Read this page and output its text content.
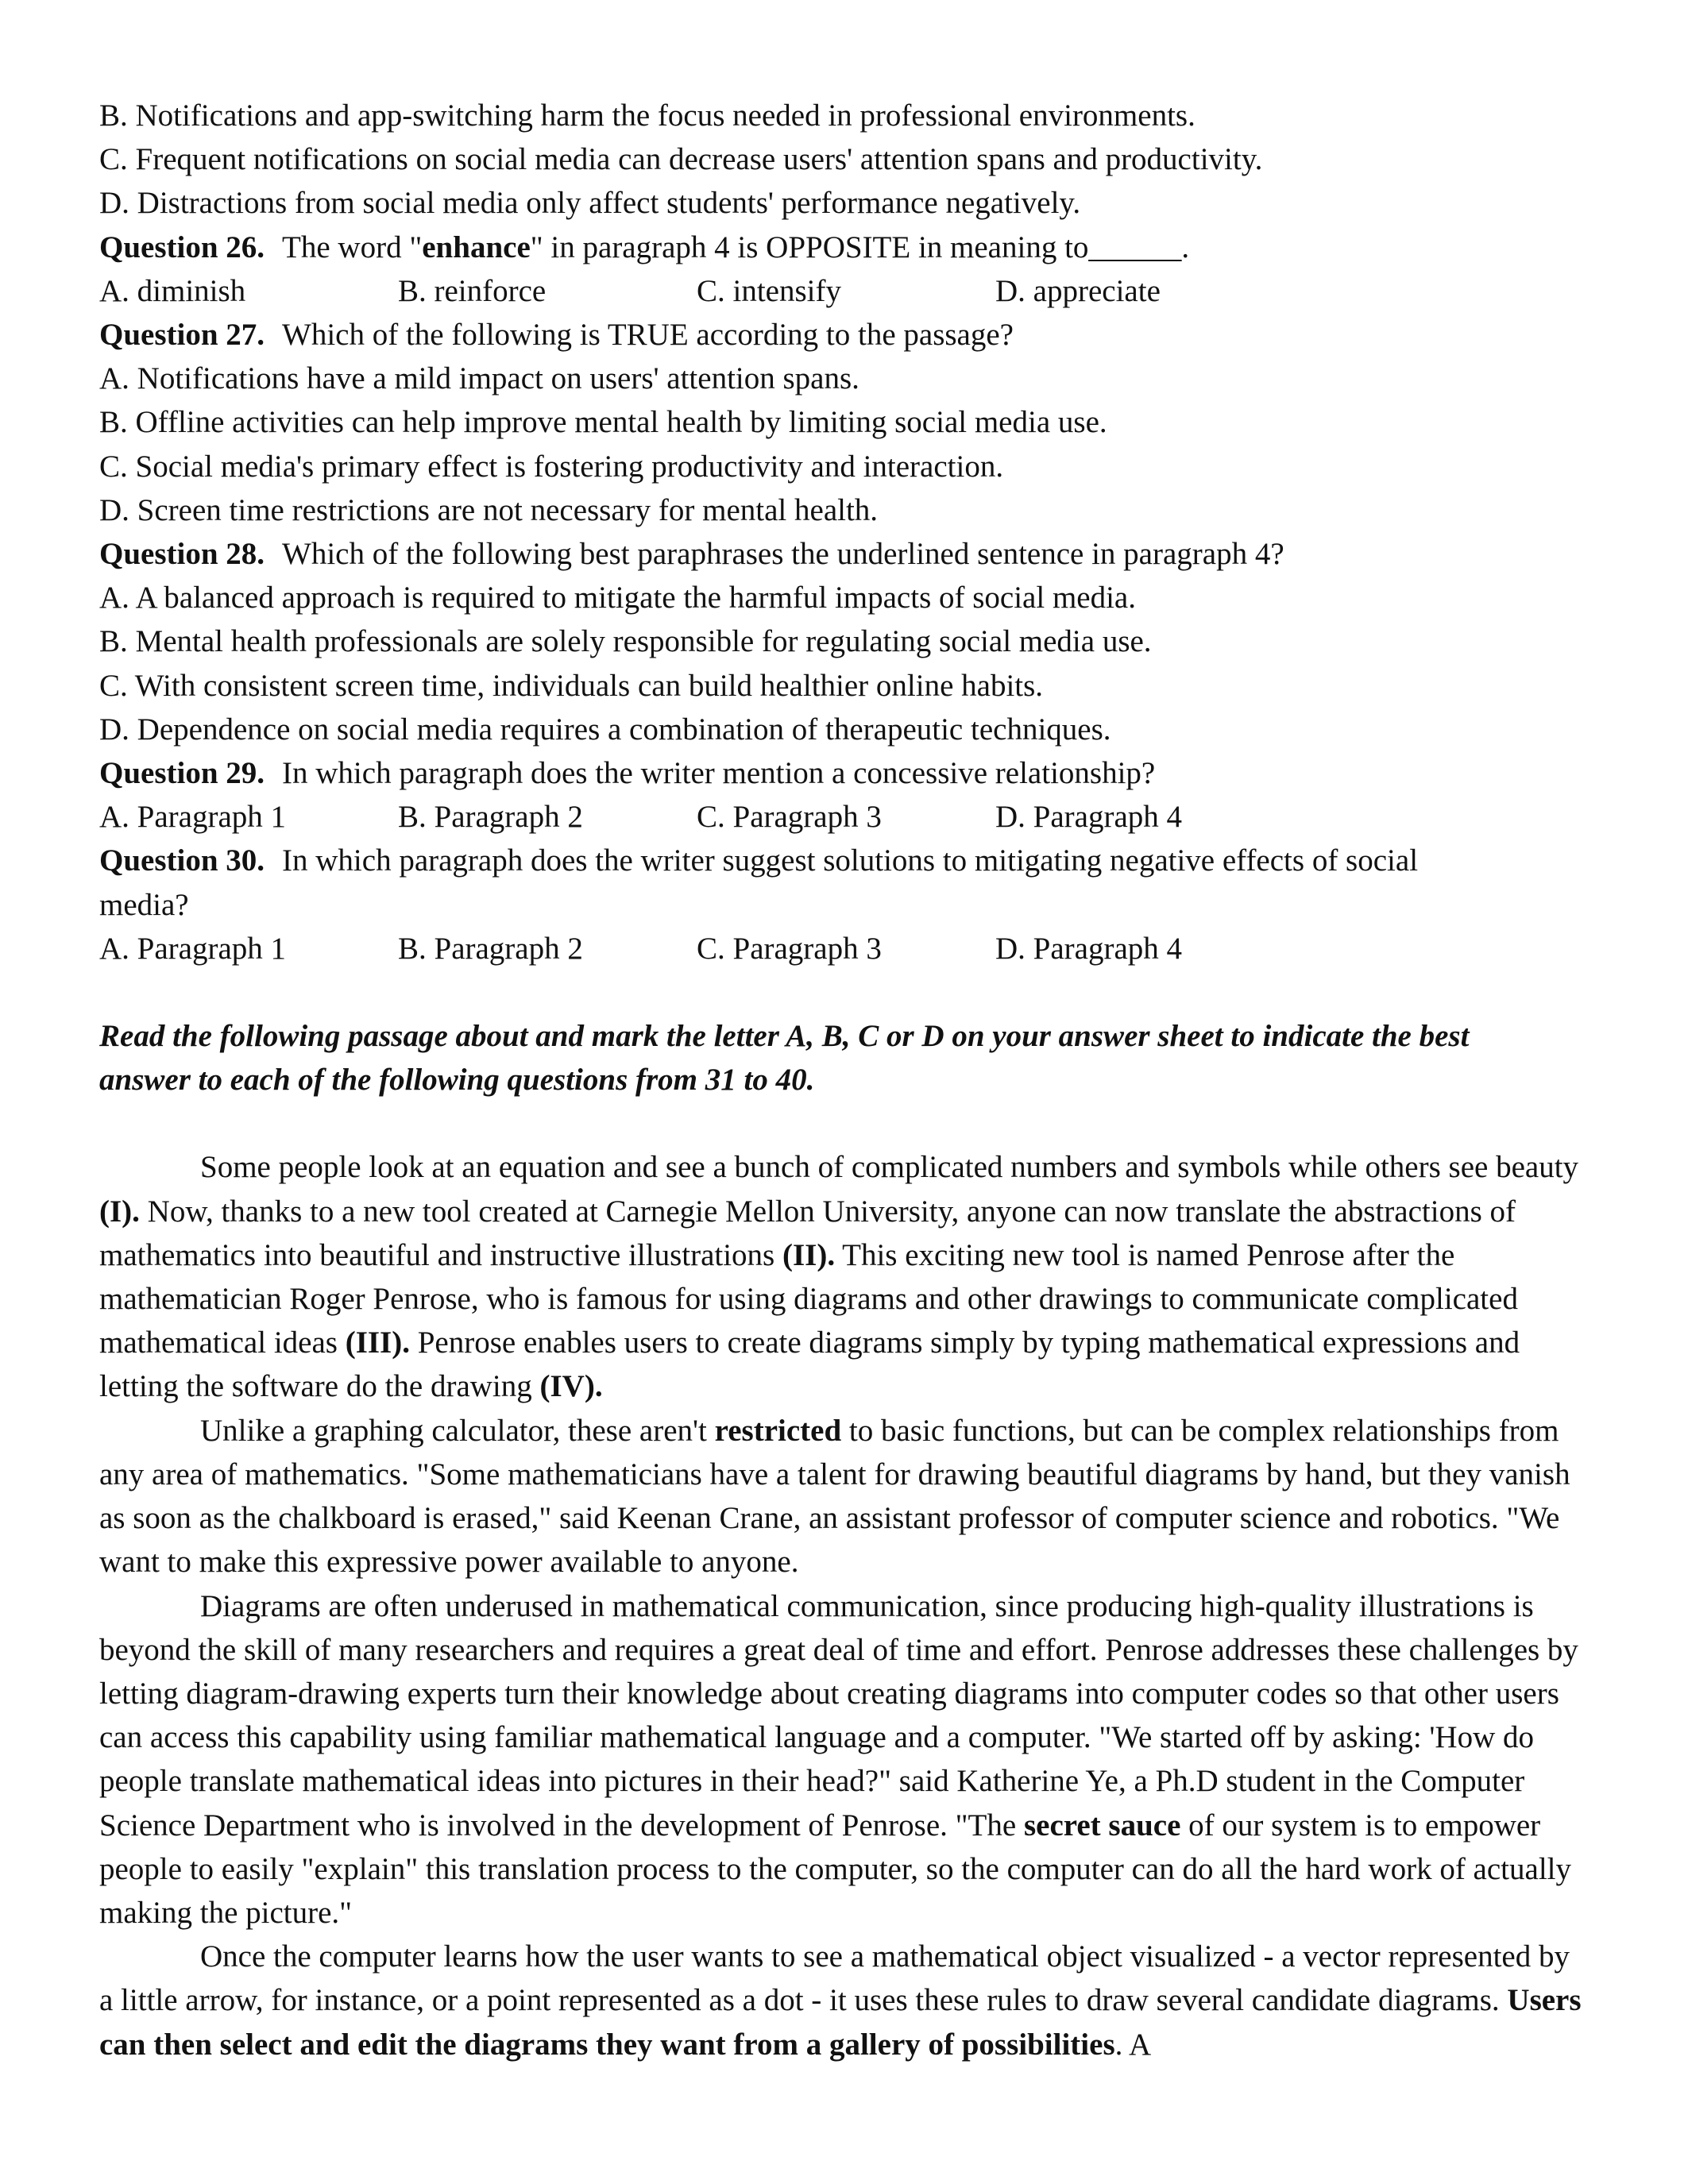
B. Notifications and app-switching harm the focus needed in professional environments.
C. Frequent notifications on social media can decrease users' attention spans and productivity.
D. Distractions from social media only affect students' performance negatively.
Question 26. The word "enhance" in paragraph 4 is OPPOSITE in meaning to______.
A. diminish	B. reinforce	C. intensify	D. appreciate
Question 27. Which of the following is TRUE according to the passage?
A. Notifications have a mild impact on users' attention spans.
B. Offline activities can help improve mental health by limiting social media use.
C. Social media's primary effect is fostering productivity and interaction.
D. Screen time restrictions are not necessary for mental health.
Question 28. Which of the following best paraphrases the underlined sentence in paragraph 4?
A. A balanced approach is required to mitigate the harmful impacts of social media.
B. Mental health professionals are solely responsible for regulating social media use.
C. With consistent screen time, individuals can build healthier online habits.
D. Dependence on social media requires a combination of therapeutic techniques.
Question 29. In which paragraph does the writer mention a concessive relationship?
A. Paragraph 1	B. Paragraph 2	C. Paragraph 3	D. Paragraph 4
Question 30. In which paragraph does the writer suggest solutions to mitigating negative effects of social
media?
A. Paragraph 1	B. Paragraph 2	C. Paragraph 3	D. Paragraph 4
Read the following passage about and mark the letter A, B, C or D on your answer sheet to indicate the best
answer to each of the following questions from 31 to 40.
Some people look at an equation and see a bunch of complicated numbers and symbols while others see beauty (I). Now, thanks to a new tool created at Carnegie Mellon University, anyone can now translate the abstractions of mathematics into beautiful and instructive illustrations (II). This exciting new tool is named Penrose after the mathematician Roger Penrose, who is famous for using diagrams and other drawings to communicate complicated mathematical ideas (III). Penrose enables users to create diagrams simply by typing mathematical expressions and letting the software do the drawing (IV).
Unlike a graphing calculator, these aren't restricted to basic functions, but can be complex relationships from any area of mathematics. "Some mathematicians have a talent for drawing beautiful diagrams by hand, but they vanish as soon as the chalkboard is erased," said Keenan Crane, an assistant professor of computer science and robotics. "We want to make this expressive power available to anyone.
Diagrams are often underused in mathematical communication, since producing high-quality illustrations is beyond the skill of many researchers and requires a great deal of time and effort. Penrose addresses these challenges by letting diagram-drawing experts turn their knowledge about creating diagrams into computer codes so that other users can access this capability using familiar mathematical language and a computer. "We started off by asking: 'How do people translate mathematical ideas into pictures in their head?" said Katherine Ye, a Ph.D student in the Computer Science Department who is involved in the development of Penrose. "The secret sauce of our system is to empower people to easily "explain" this translation process to the computer, so the computer can do all the hard work of actually making the picture."
Once the computer learns how the user wants to see a mathematical object visualized - a vector represented by a little arrow, for instance, or a point represented as a dot - it uses these rules to draw several candidate diagrams. Users can then select and edit the diagrams they want from a gallery of possibilities. A
